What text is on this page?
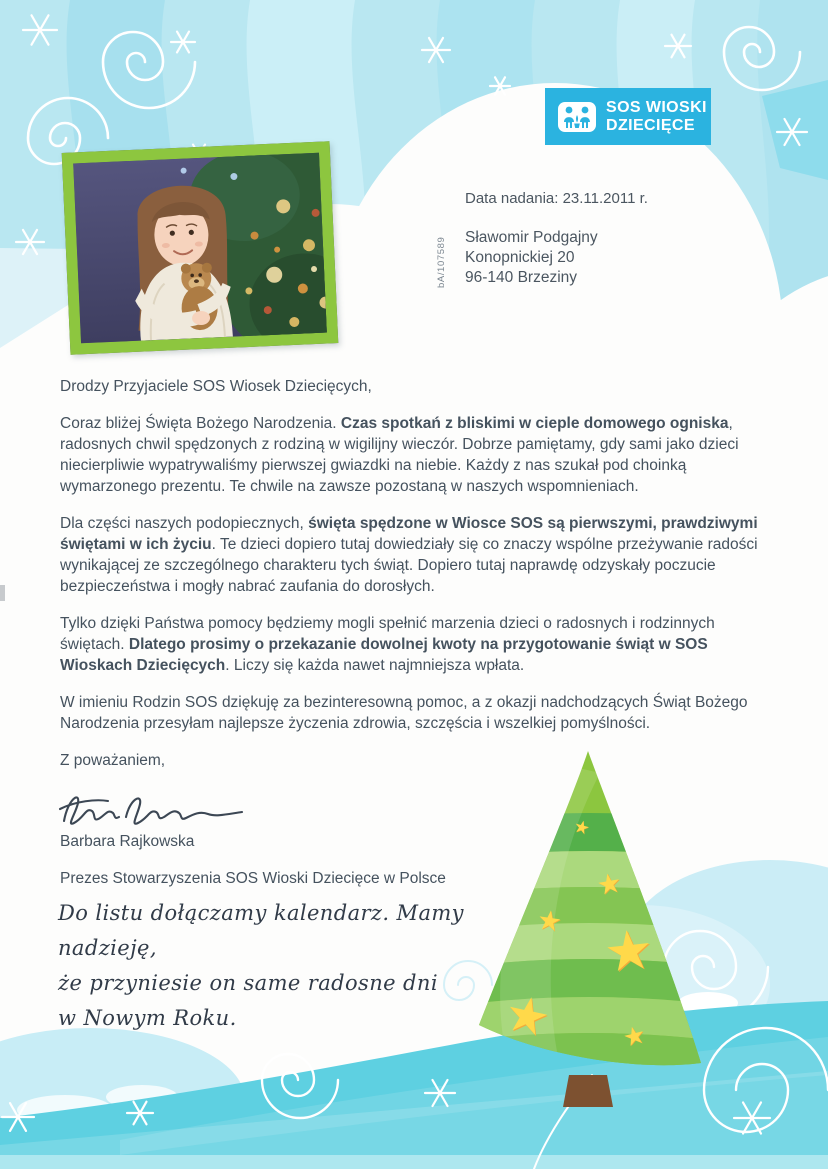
SOS WIOSKI
DZIECIĘCE
Data nadania: 23.11.2011 r.
bA/107589 Sławomir Podgajny
Konopnickiej 20
96-140 Brzeziny

Drodzy Przyjaciele SOS Wiosek Dziecięcych,

Coraz bliżej Święta Bożego Narodzenia. Czas spotkań z bliskimi w cieple domowego ogniska, radosnych chwil spędzonych z rodziną w wigilijny wieczór. Dobrze pamiętamy, gdy sami jako dzieci niecierpliwie wypatrywaliśmy pierwszej gwiazdki na niebie. Każdy z nas szukał pod choinką wymarzonego prezentu. Te chwile na zawsze pozostaną w naszych wspomnieniach.

Dla części naszych podopiecznych, święta spędzone w Wiosce SOS są pierwszymi, prawdziwymi świętami w ich życiu. Te dzieci dopiero tutaj dowiedziały się co znaczy wspólne przeżywanie radości wynikającej ze szczególnego charakteru tych świąt. Dopiero tutaj naprawdę odzyskały poczucie bezpieczeństwa i mogły nabrać zaufania do dorosłych.

Tylko dzięki Państwa pomocy będziemy mogli spełnić marzenia dzieci o radosnych i rodzinnych świętach. Dlatego prosimy o przekazanie dowolnej kwoty na przygotowanie świąt w SOS Wioskach Dziecięcych. Liczy się każda nawet najmniejsza wpłata.

W imieniu Rodzin SOS dziękuję za bezinteresowną pomoc, a z okazji nadchodzących Świąt Bożego Narodzenia przesyłam najlepsze życzenia zdrowia, szczęścia i wszelkiej pomyślności.

Z poważaniem,

Barbara Rajkowska

Prezes Stowarzyszenia SOS Wioski Dziecięce w Polsce

Do listu dołączamy kalendarz. Mamy nadzieję,
że przyniesie on same radosne dni
w Nowym Roku.
